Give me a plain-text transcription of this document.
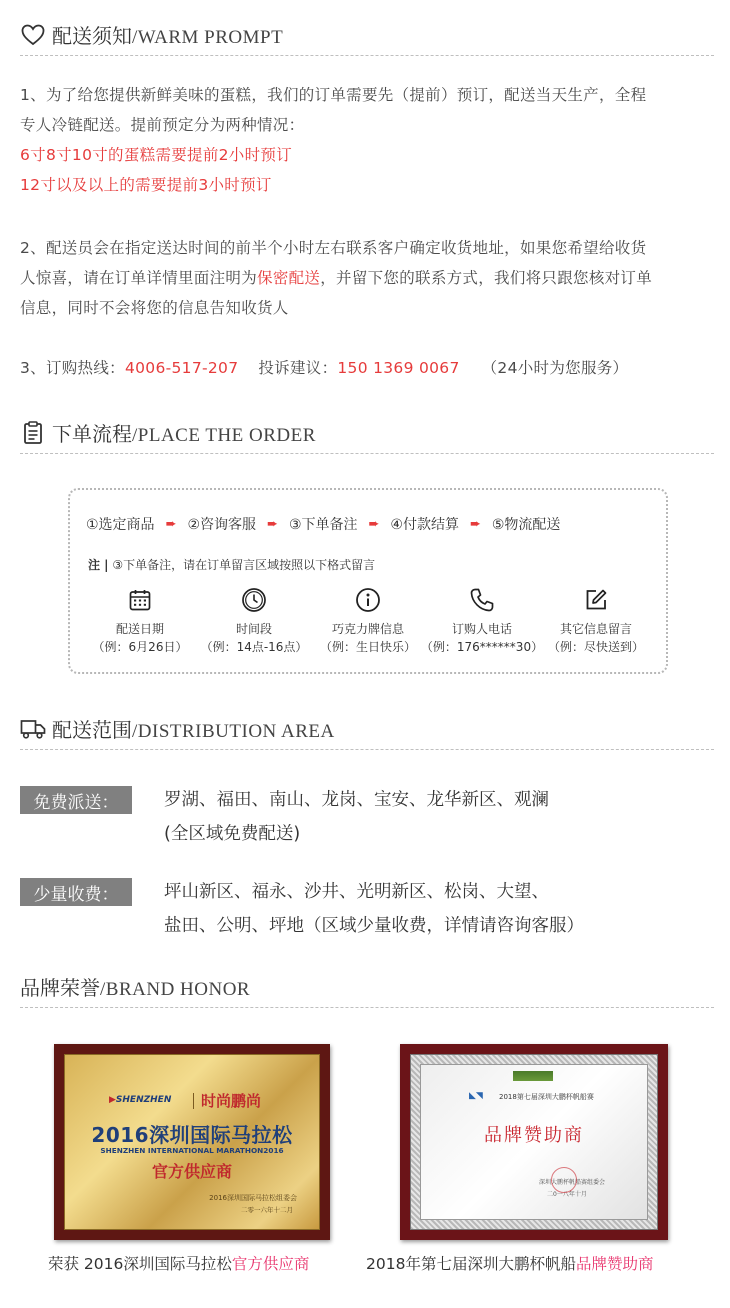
配送须知/WARM PROMPT
1、为了给您提供新鲜美味的蛋糕，我们的订单需要先（提前）预订，配送当天生产，全程
专人冷链配送。提前预定分为两种情况：
6寸8寸10寸的蛋糕需要提前2小时预订
12寸以及以上的需要提前3小时预订
2、配送员会在指定送达时间的前半个小时左右联系客户确定收货地址，如果您希望给收货
人惊喜，请在订单详情里面注明为保密配送，并留下您的联系方式，我们将只跟您核对订单
信息，同时不会将您的信息告知收货人
3、订购热线：4006-517-207 投诉建议：150 1369 0067 （24小时为您服务）
下单流程/PLACE THE ORDER
①选定商品 ➨ ②咨询客服 ➨ ③下单备注 ➨ ④付款结算 ➨ ⑤物流配送
注 | ③下单备注，请在订单留言区域按照以下格式留言
配送日期
（例：6月26日）
时间段
（例：14点-16点）
巧克力牌信息
（例：生日快乐）
订购人电话
（例：176******30）
其它信息留言
（例：尽快送到）
配送范围/DISTRIBUTION AREA
免费派送：	罗湖、福田、南山、龙岗、宝安、龙华新区、观澜
(全区域免费配送)
少量收费：	坪山新区、福永、沙井、光明新区、松岗、大望、
盐田、公明、坪地（区域少量收费，详情请咨询客服）
品牌荣誉/BRAND HONOR
▶SHENZHEN 时尚鹏尚
2016深圳国际马拉松
SHENZHEN INTERNATIONAL MARATHON2016
官方供应商
2016深圳国际马拉松组委会
二零一六年十二月
◣◥ 2018第七届深圳大鹏杯帆船赛
品牌赞助商
深圳大鹏杯帆船赛组委会
二0一八年十月
荣获 2016深圳国际马拉松官方供应商	2018年第七届深圳大鹏杯帆船品牌赞助商
